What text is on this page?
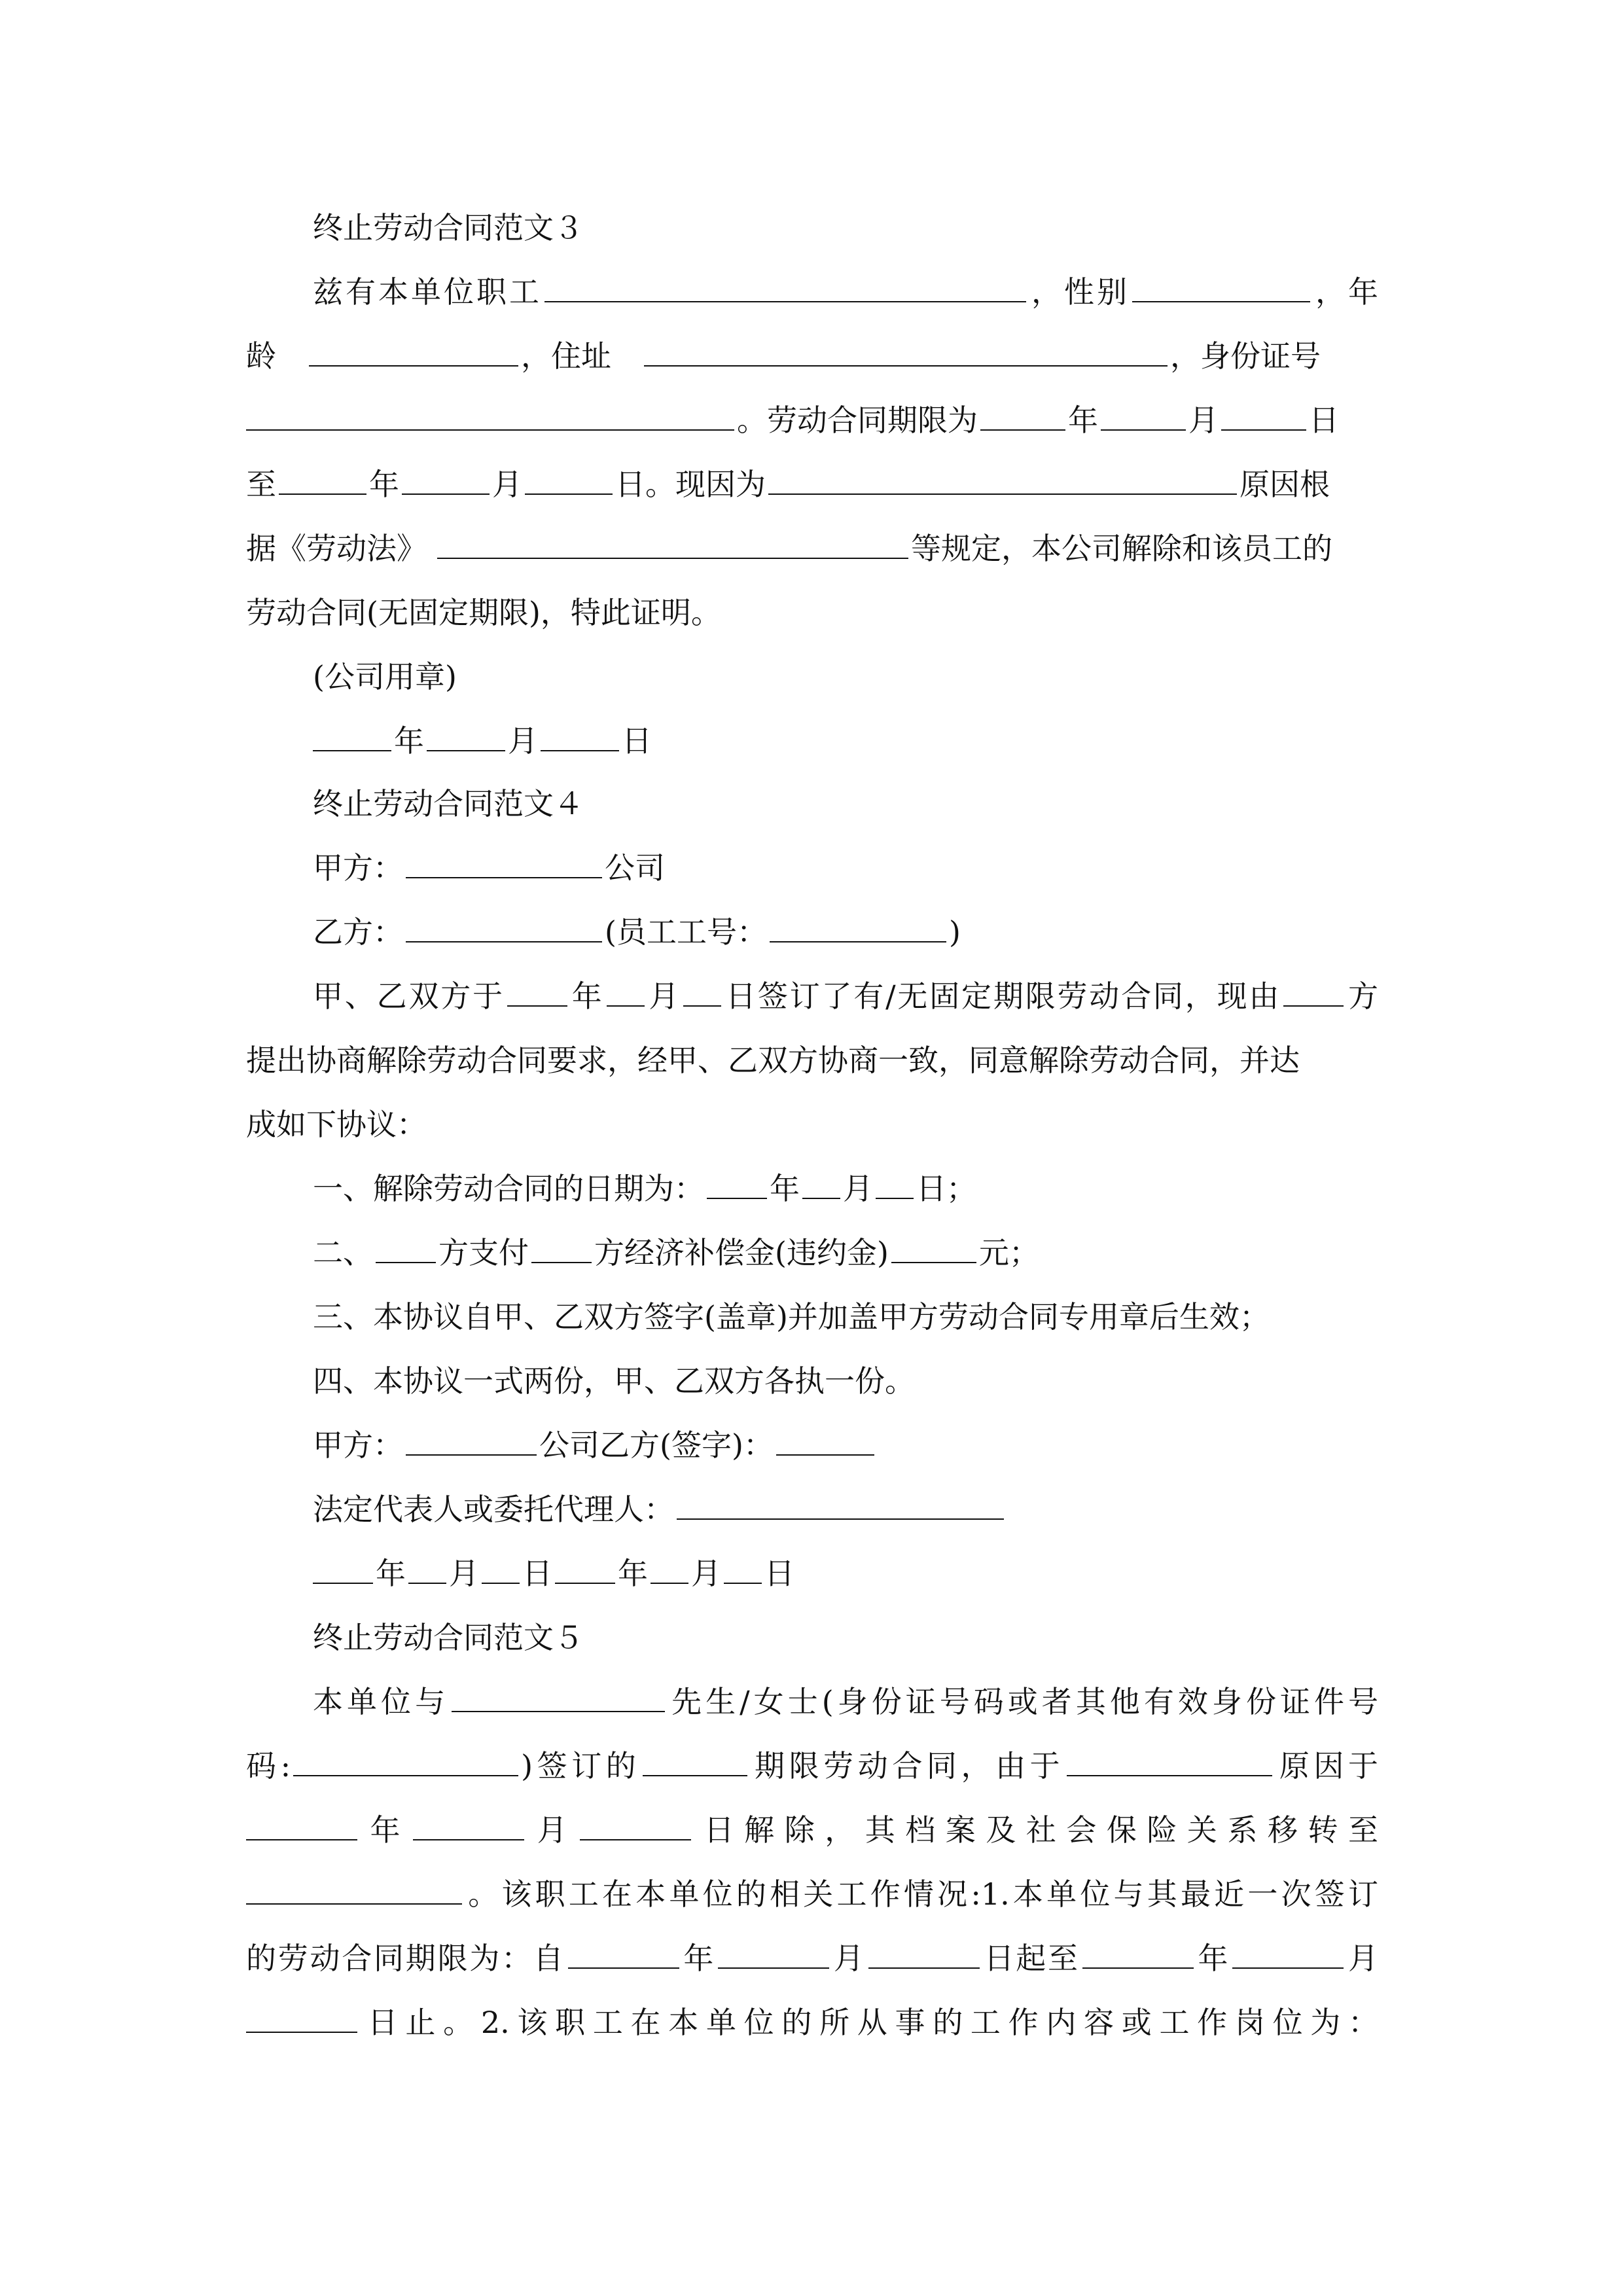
终止劳动合同范文３
兹有本单位职工	，性别	，年
龄	，住址	，身份证号
。劳动合同期限为	年	月	日
至	年	月	日。现因为	原因根
据《劳动法》	等规定，本公司解除和该员工的
劳动合同(无固定期限)，特此证明。
(公司用章)
年	月	日
终止劳动合同范文４
甲方：	公司
乙方：	(员工工号：	)
甲、乙双方于 年 月 日签订了有/无固定期限劳动合同，现由 方
提出协商解除劳动合同要求，经甲、乙双方协商一致，同意解除劳动合同，并达
成如下协议：
一、解除劳动合同的日期为： 年 月 日；
二、 方支付 方经济补偿金(违约金)	元；
三、本协议自甲、乙双方签字(盖章)并加盖甲方劳动合同专用章后生效；
四、本协议一式两份，甲、乙双方各执一份。
甲方：	公司乙方(签字)：
法定代表人或委托代理人：
年 月 日 年 月 日
终止劳动合同范文５
本单位与	先生/女士(身份证号码或者其他有效身份证件号
码:	)签订的	期限劳动合同，由于	原因于
年	月	日解除，其档案及社会保险关系移转至
。该职工在本单位的相关工作情况:1.本单位与其最近一次签订
的劳动合同期限为：自	年	月	日起至	年	月
日止。2.该职工在本单位的所从事的工作内容或工作岗位为：
